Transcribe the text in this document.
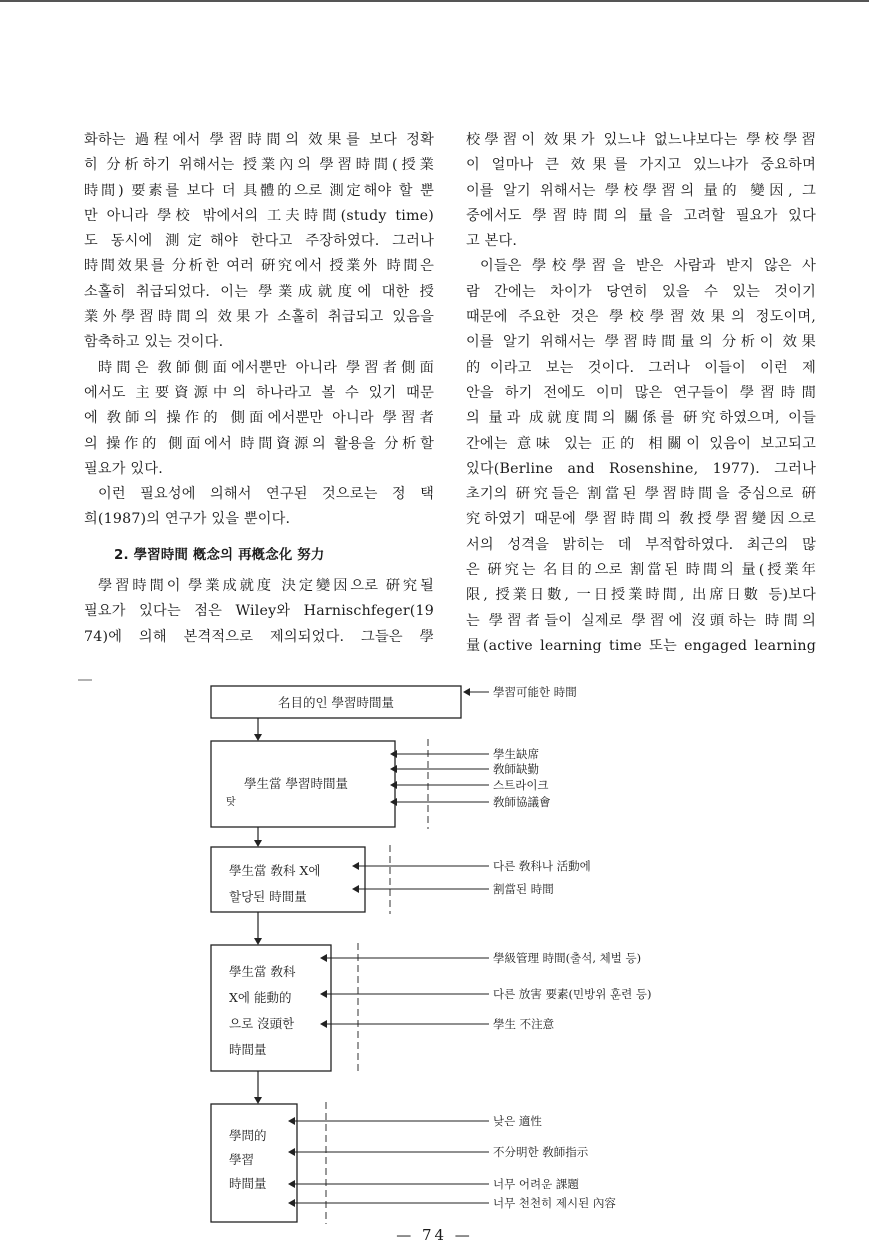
화하는 過程에서 學習時間의 效果를 보다 정확
히 分析하기 위해서는 授業內의 學習時間(授業
時間) 要素를 보다 더 具體的으로 測定해야 할 뿐
만 아니라 學校 밖에서의 工夫時間(study time)
도 동시에 測定해야 한다고 주장하였다. 그러나
時間效果를 分析한 여러 硏究에서 授業外 時間은
소홀히 취급되었다. 이는 學業成就度에 대한 授
業外學習時間의 效果가 소홀히 취급되고 있음을
함축하고 있는 것이다.
時間은 敎師側面에서뿐만 아니라 學習者側面
에서도 主要資源中의 하나라고 볼 수 있기 때문
에 敎師의 操作的 側面에서뿐만 아니라 學習者
의 操作的 側面에서 時間資源의 활용을 分析할
필요가 있다.
이런 필요성에 의해서 연구된 것으로는 정 택
희(1987)의 연구가 있을 뿐이다.
2. 學習時間 槪念의 再槪念化 努力
學習時間이 學業成就度 決定變因으로 硏究될
필요가 있다는 점은 Wiley와 Harnischfeger(19
74)에 의해 본격적으로 제의되었다. 그들은 學
校學習이 效果가 있느냐 없느냐보다는 學校學習
이 얼마나 큰 效果를 가지고 있느냐가 중요하며
이를 알기 위해서는 學校學習의 量的 變因, 그
중에서도 學習時間의 量을 고려할 필요가 있다
고 본다.
이들은 學校學習을 받은 사람과 받지 않은 사
람 간에는 차이가 당연히 있을 수 있는 것이기
때문에 주요한 것은 學校學習效果의 정도이며,
이를 알기 위해서는 學習時間量의 分析이 效果
的이라고 보는 것이다. 그러나 이들이 이런 제
안을 하기 전에도 이미 많은 연구들이 學習時間
의 量과 成就度間의 關係를 硏究하였으며, 이들
간에는 意味 있는 正的 相關이 있음이 보고되고
있다(Berline and Rosenshine, 1977). 그러나
초기의 硏究들은 割當된 學習時間을 중심으로 硏
究하였기 때문에 學習時間의 敎授學習變因으로
서의 성격을 밝히는 데 부적합하였다. 최근의 많
은 硏究는 名目的으로 割當된 時間의 量(授業年
限, 授業日數, 一日授業時間, 出席日數 등)보다
는 學習者들이 실제로 學習에 沒頭하는 時間의
量(active learning time 또는 engaged learning
名目的인 學習時間量
學習可能한 時間
學生當 學習時間量
學生缺席
敎師缺勤
스트라이크
敎師協議會
學生當 敎科 X에
할당된 時間量
다른 敎科나 活動에
割當된 時間
學生當 敎科
X에 能動的
으로 沒頭한
時間量
學級管理 時間(출석, 체벌 등)
다른 放害 要素(민방위 훈련 등)
學生 不注意
學問的
學習
時間量
낮은 適性
不分明한 敎師指示
너무 어려운 課題
너무 천천히 제시된 內容
탓
— 74 —
